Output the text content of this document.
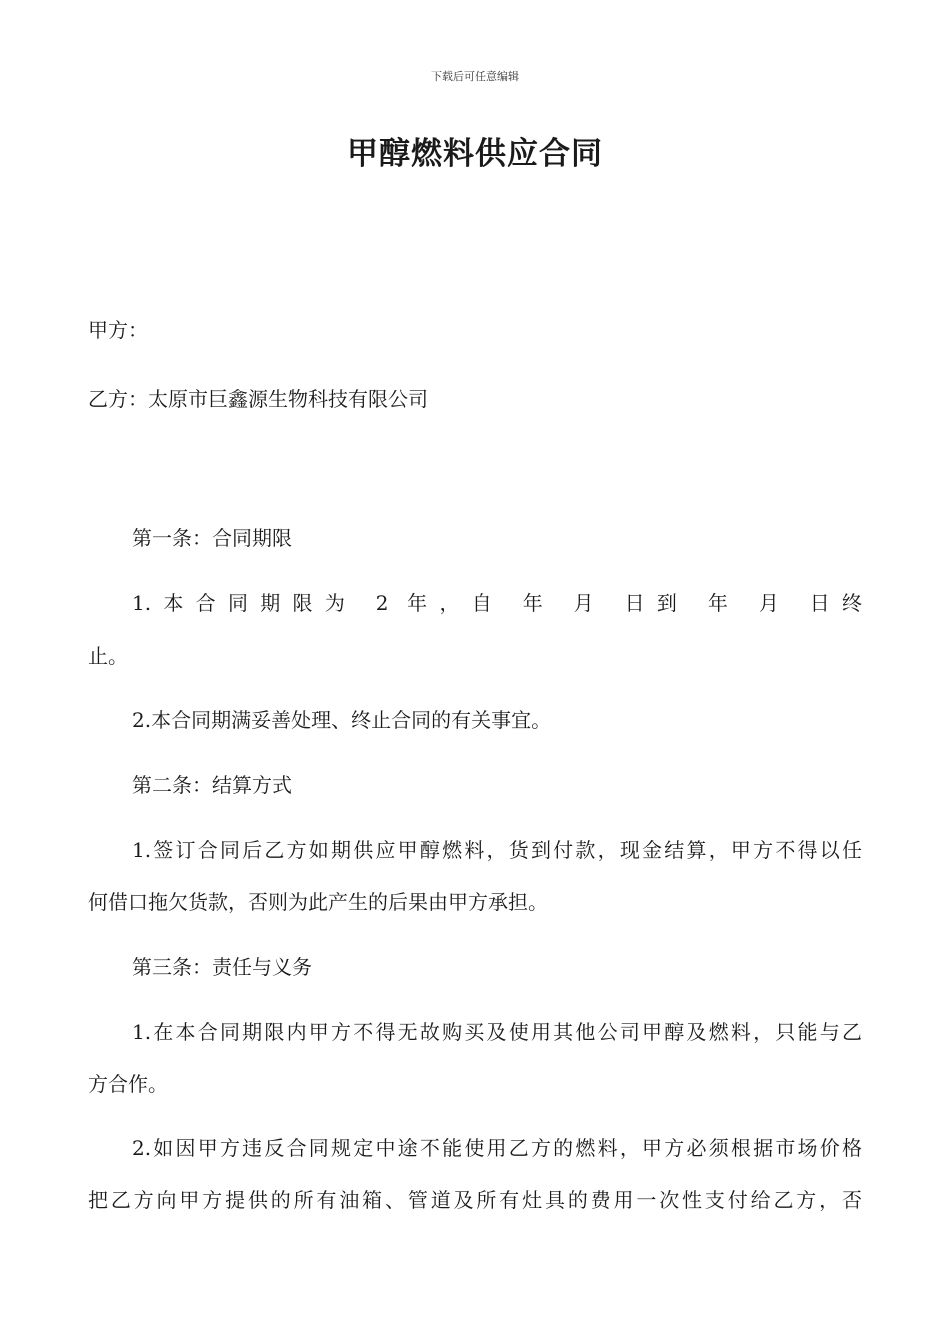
下载后可任意编辑
甲醇燃料供应合同
甲方：
乙方：太原市巨鑫源生物科技有限公司
第一条：合同期限
1.本合同期限为 2 年，自 年 月 日到 年 月 日终
止。
2.本合同期满妥善处理、终止合同的有关事宜。
第二条：结算方式
1.签订合同后乙方如期供应甲醇燃料，货到付款，现金结算，甲方不得以任
何借口拖欠货款，否则为此产生的后果由甲方承担。
第三条：责任与义务
1.在本合同期限内甲方不得无故购买及使用其他公司甲醇及燃料，只能与乙
方合作。
2.如因甲方违反合同规定中途不能使用乙方的燃料，甲方必须根据市场价格
把乙方向甲方提供的所有油箱、管道及所有灶具的费用一次性支付给乙方，否
